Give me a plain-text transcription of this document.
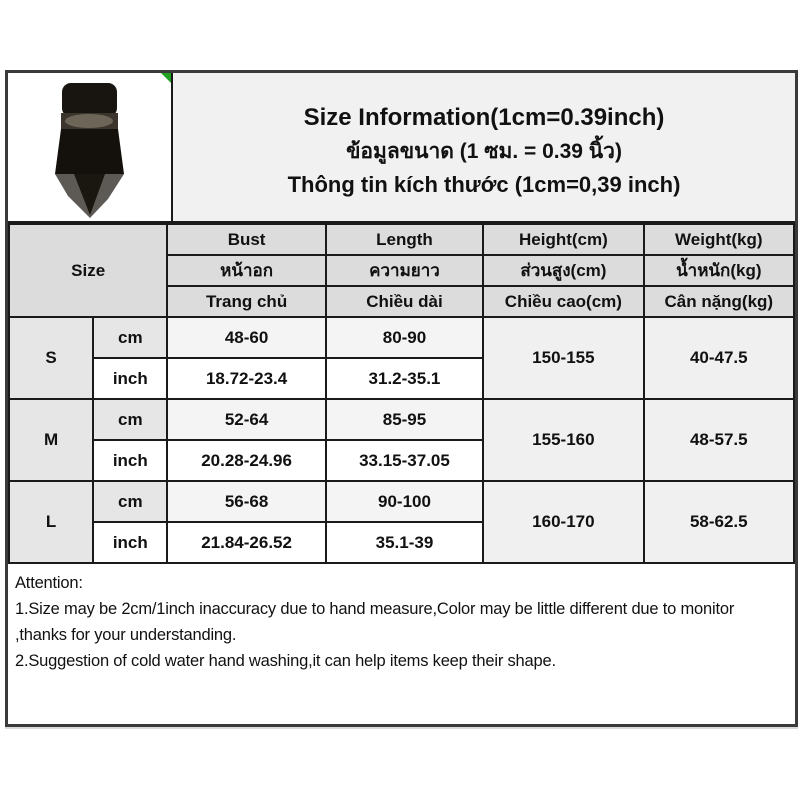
Size Information(1cm=0.39inch)
ข้อมูลขนาด (1 ซม. = 0.39 นิ้ว)
Thông tin kích thước (1cm=0,39 inch)
Size		Bust	Length	Height(cm)	Weight(kg)
		หน้าอก	ความยาว	ส่วนสูง(cm)	น้ำหนัก(kg)
		Trang chủ	Chiều dài	Chiều cao(cm)	Cân nặng(kg)
S	cm	48-60	80-90	150-155	40-47.5
	inch	18.72-23.4	31.2-35.1		
M	cm	52-64	85-95	155-160	48-57.5
	inch	20.28-24.96	33.15-37.05		
L	cm	56-68	90-100	160-170	58-62.5
	inch	21.84-26.52	35.1-39		
Attention:
1.Size may be 2cm/1inch inaccuracy due to hand measure,Color may be little different due to monitor ,thanks for your understanding.
2.Suggestion of cold water hand washing,it can help items keep their shape.
